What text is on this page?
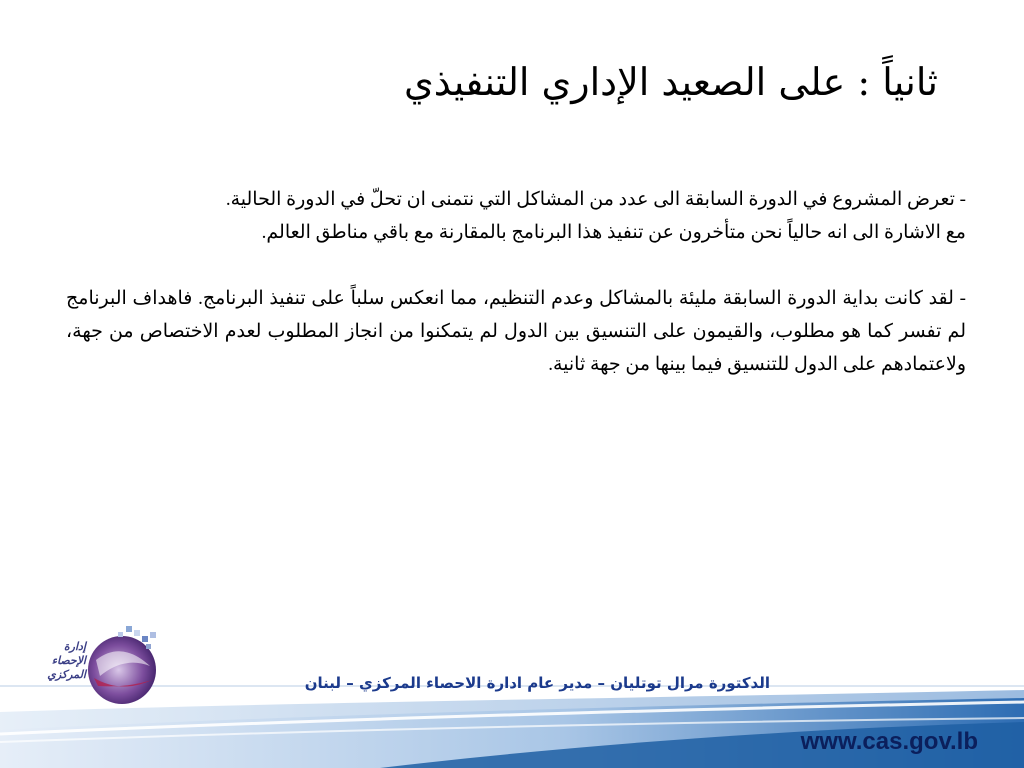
ثانياً : على الصعيد الإداري التنفيذي

- تعرض المشروع في الدورة السابقة الى عدد من المشاكل التي نتمنى ان تحلّ في الدورة الحالية.
مع الاشارة الى انه حالياً نحن متأخرون عن تنفيذ هذا البرنامج بالمقارنة مع باقي مناطق العالم.

- لقد كانت بداية الدورة السابقة مليئة بالمشاكل وعدم التنظيم، مما انعكس سلباً على تنفيذ البرنامج. فاهداف البرنامج لم تفسر كما هو مطلوب، والقيمون على التنسيق بين الدول لم يتمكنوا من انجاز المطلوب لعدم الاختصاص من جهة، ولاعتمادهم على الدول للتنسيق فيما بينها من جهة ثانية.

إدارة
الإحصاء
المركزي	الدكتورة مرال توتليان – مدير عام ادارة الاحصاء المركزي – لبنان
www.cas.gov.lb
